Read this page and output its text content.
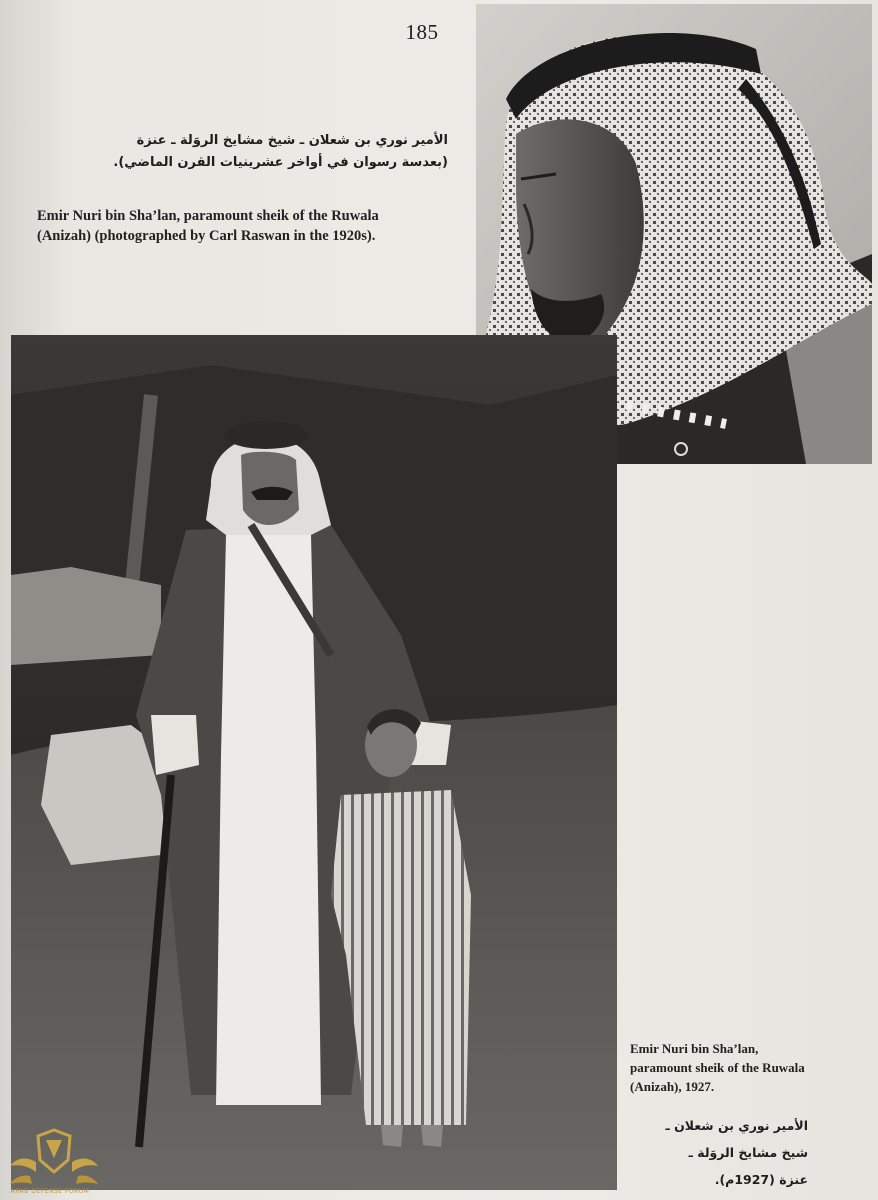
185
الأمير نوري بن شعلان ـ شيخ مشايخ الروَلة ـ عنزة
(بعدسة رسوان في أواخر عشرينيات القرن الماضي).
Emir Nuri bin Sha’lan, paramount sheik of the Ruwala
(Anizah) (photographed by Carl Raswan in the 1920s).
Emir Nuri bin Sha’lan,
paramount sheik of the Ruwala
(Anizah), 1927.
الأمير نوري بن شعلان ـ
شيخ مشايخ الروَلة ـ
عنزة (1927م).
ARAB DEFENSE FORUM
